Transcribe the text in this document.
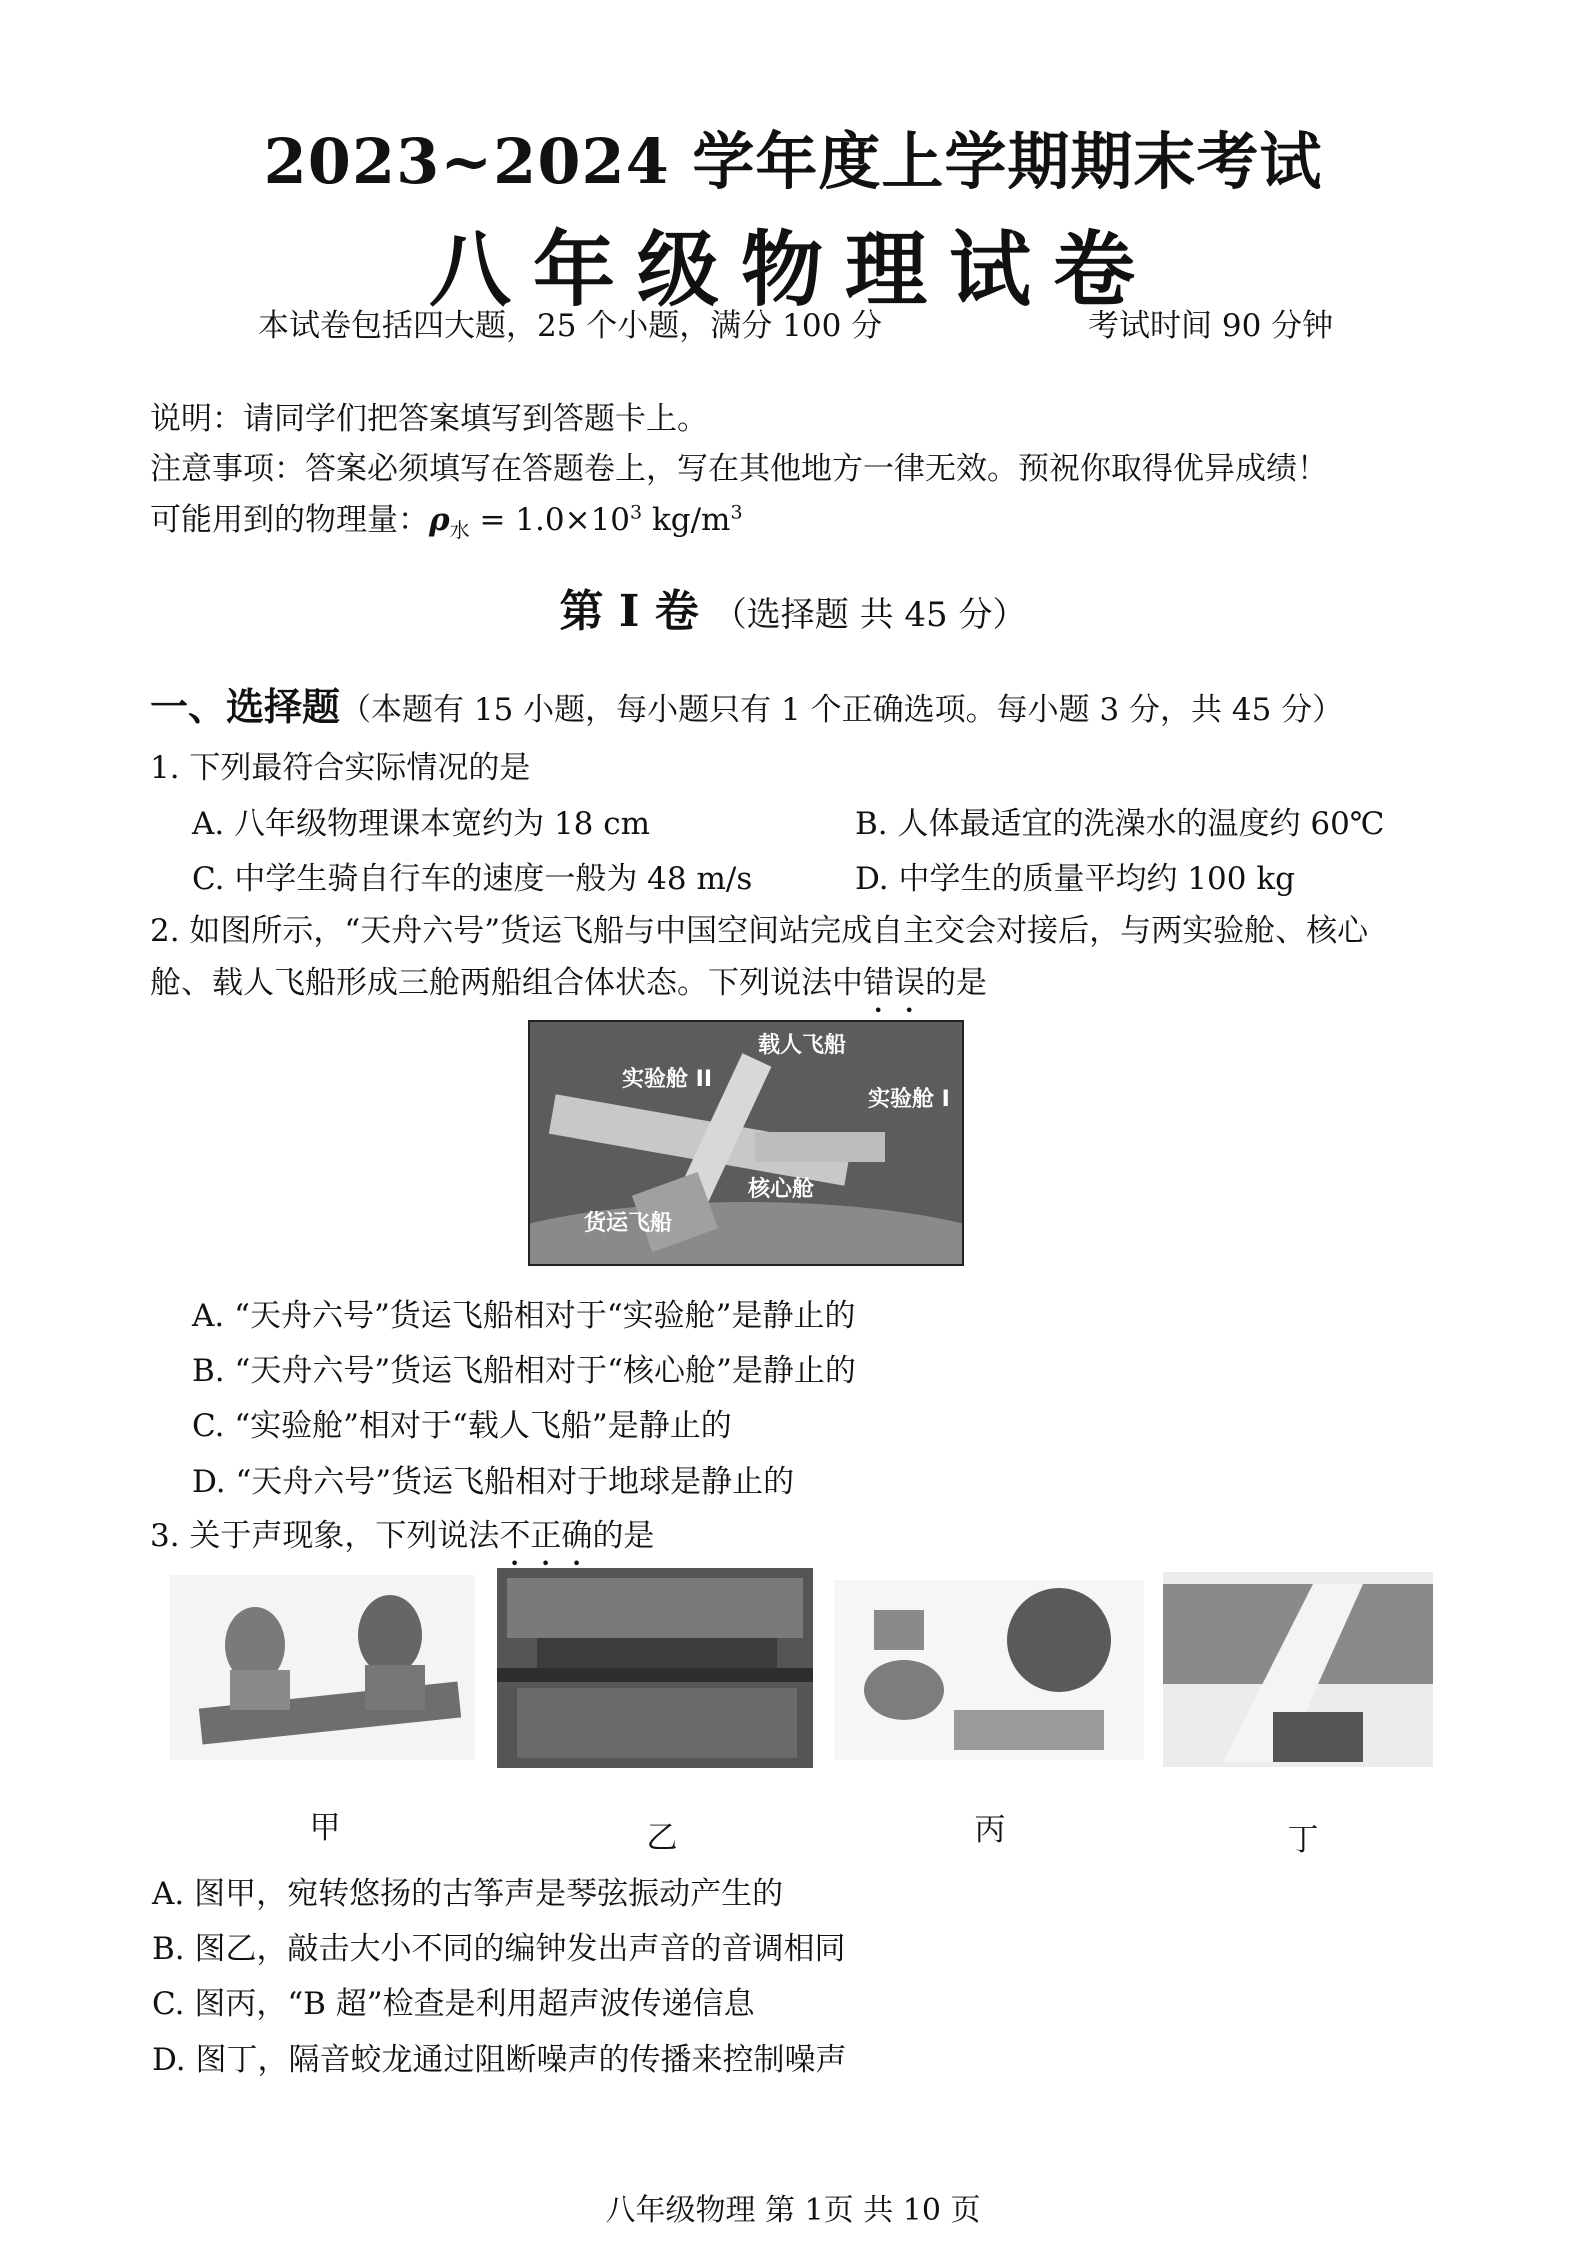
2023~2024 学年度上学期期末考试
八年级物理试卷
本试卷包括四大题，25 个小题，满分 100 分	考试时间 90 分钟
说明：请同学们把答案填写到答题卡上。
注意事项：答案必须填写在答题卷上，写在其他地方一律无效。预祝你取得优异成绩！
可能用到的物理量：$\rho_水 = 1.0\times 10^3$ $kg/m^3$
第 I 卷 （选择题 共 45 分）
一、选择题（本题有 15 小题，每小题只有 1 个正确选项。每小题 3 分，共 45 分）
1. 下列最符合实际情况的是
A. 八年级物理课本宽约为 18 cm	B. 人体最适宜的洗澡水的温度约 60℃
C. 中学生骑自行车的速度一般为 48 m/s	D. 中学生的质量平均约 100 kg
2. 如图所示，“天舟六号”货运飞船与中国空间站完成自主交会对接后，与两实验舱、核心
舱、载人飞船形成三舱两船组合体状态。下列说法中错误的是
载人飞船
实验舱 II
实验舱 I
核心舱
货运飞船
A. “天舟六号”货运飞船相对于“实验舱”是静止的
B. “天舟六号”货运飞船相对于“核心舱”是静止的
C. “实验舱”相对于“载人飞船”是静止的
D. “天舟六号”货运飞船相对于地球是静止的
3. 关于声现象，下列说法不正确的是
甲	乙	丙	丁
A. 图甲，宛转悠扬的古筝声是琴弦振动产生的
B. 图乙，敲击大小不同的编钟发出声音的音调相同
C. 图丙，“B 超”检查是利用超声波传递信息
D. 图丁，隔音蛟龙通过阻断噪声的传播来控制噪声
八年级物理 第 1页 共 10 页
